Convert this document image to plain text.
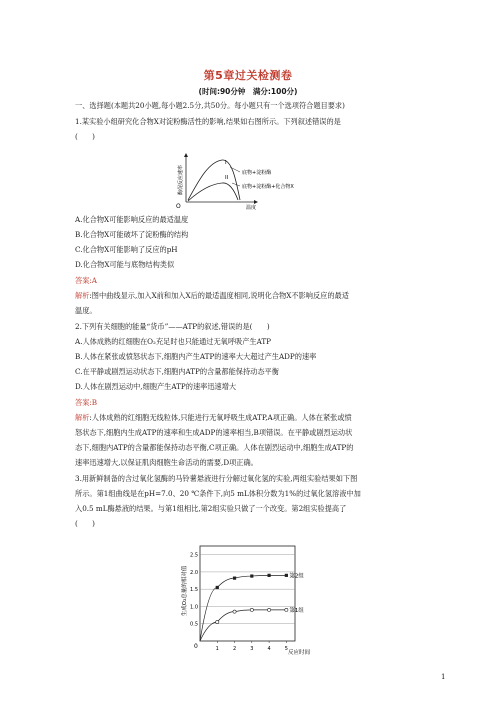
第5章过关检测卷
(时间:90分钟　满分:100分)
一、选择题(本题共20小题,每小题2.5分,共50分。每小题只有一个选项符合题目要求)
1.某实验小组研究化合物X对淀粉酶活性的影响,结果如右图所示。下列叙述错误的是
(　　)
酶促反应速率
温度
O
I
II
底物+淀粉酶
底物+淀粉酶+化合物X
A.化合物X可能影响反应的最适温度
B.化合物X可能破坏了淀粉酶的结构
C.化合物X可能影响了反应的pH
D.化合物X可能与底物结构类似
答案:A
解析:图中曲线显示,加入X前和加入X后的最适温度相同,说明化合物X不影响反应的最适
温度。
2.下列有关细胞的能量“货币”——ATP的叙述,错误的是(　　)
A.人体成熟的红细胞在O₂充足时也只能通过无氧呼吸产生ATP
B.人体在紧张或愤怒状态下,细胞内产生ATP的速率大大超过产生ADP的速率
C.在平静或剧烈运动状态下,细胞内ATP的含量都能保持动态平衡
D.人体在剧烈运动中,细胞产生ATP的速率迅速增大
答案:B
解析:人体成熟的红细胞无线粒体,只能进行无氧呼吸生成ATP,A项正确。人体在紧张或愤
怒状态下,细胞内生成ATP的速率和生成ADP的速率相当,B项错误。在平静或剧烈运动状
态下,细胞内ATP的含量都能保持动态平衡,C项正确。人体在剧烈运动中,细胞生成ATP的
速率迅速增大,以保证肌肉细胞生命活动的需要,D项正确。
3.用新鲜制备的含过氧化氢酶的马铃薯悬液进行分解过氧化氢的实验,两组实验结果如下图
所示。第1组曲线是在pH=7.0、20 ℃条件下,向5 mL体积分数为1%的过氧化氢溶液中加
入0.5 mL酶悬液的结果。与第1组相比,第2组实验只做了一个改变。第2组实验提高了
(　　)
生成O₂总量的相对值
反应时间
0
0.5
1.0
1.5
2.0
2.5
1	2	3	4	5
第2组
第1组
1
